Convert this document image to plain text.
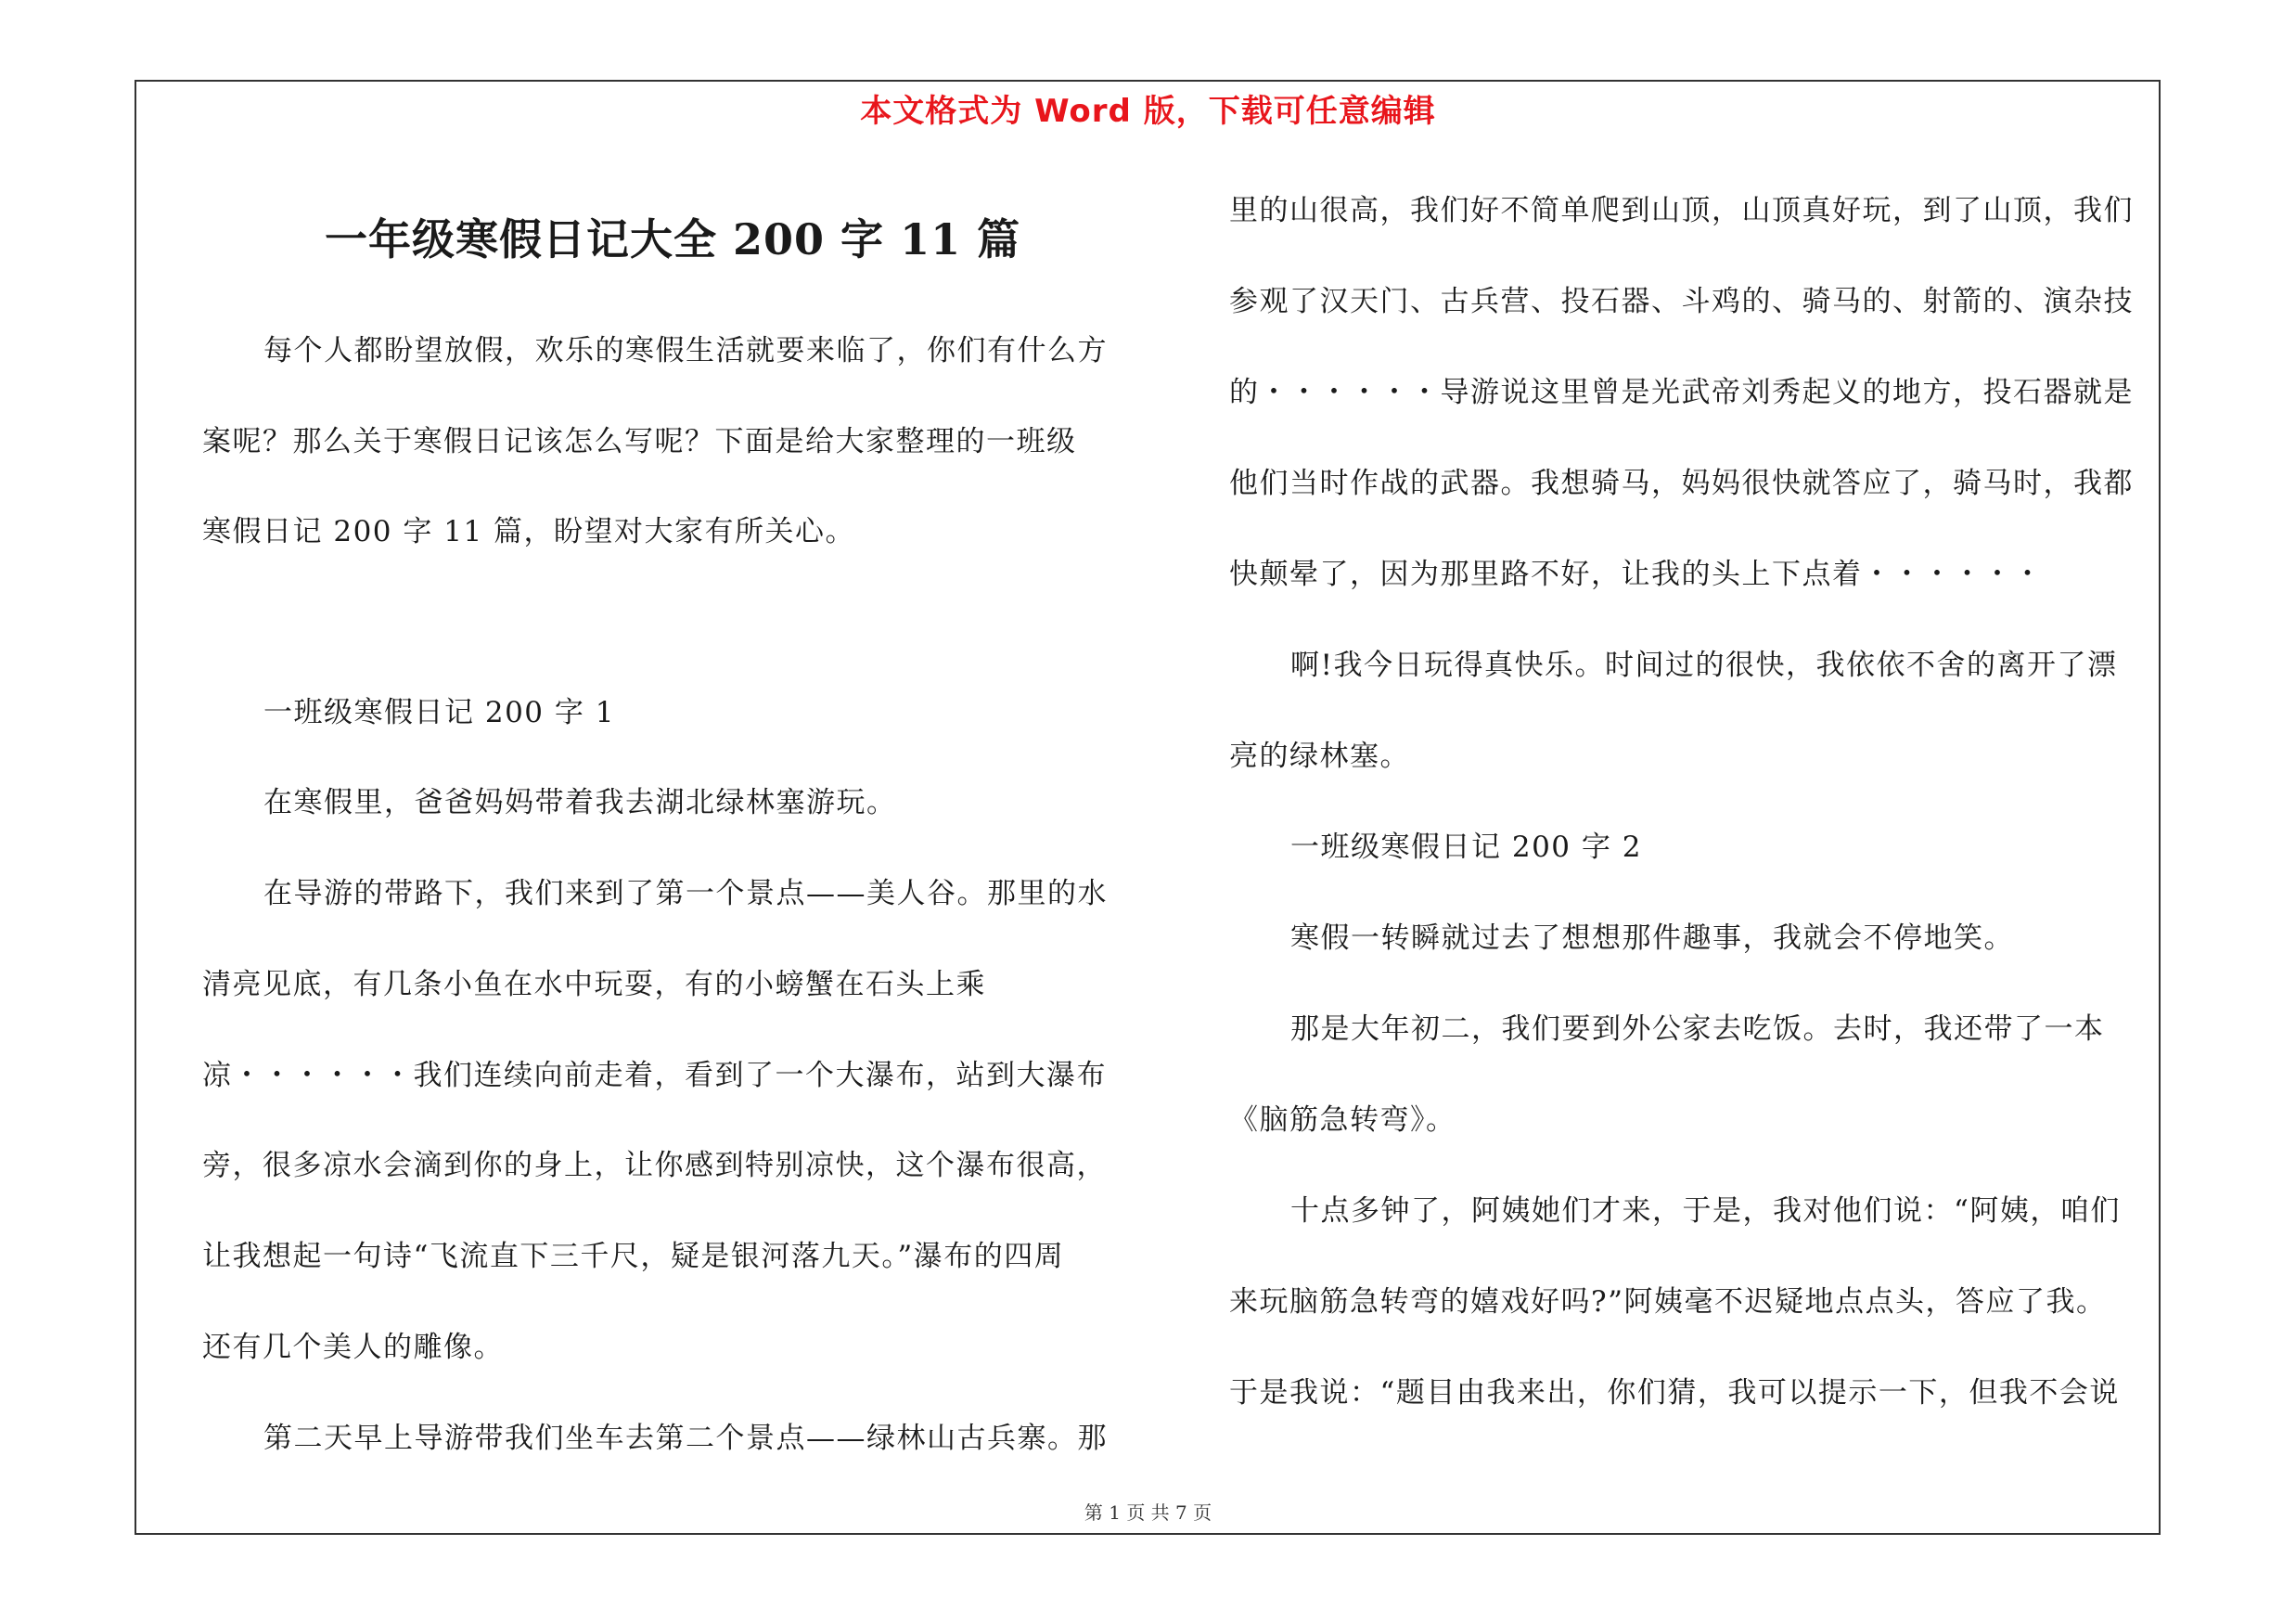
本文格式为 Word 版，下载可任意编辑
一年级寒假日记大全 200 字 11 篇
每个人都盼望放假，欢乐的寒假生活就要来临了，你们有什么方
案呢？那么关于寒假日记该怎么写呢？下面是给大家整理的一班级
寒假日记 200 字 11 篇，盼望对大家有所关心。
一班级寒假日记 200 字 1
在寒假里，爸爸妈妈带着我去湖北绿林塞游玩。
在导游的带路下，我们来到了第一个景点——美人谷。那里的水
清亮见底，有几条小鱼在水中玩耍，有的小螃蟹在石头上乘
凉・・・・・・我们连续向前走着，看到了一个大瀑布，站到大瀑布
旁，很多凉水会滴到你的身上，让你感到特别凉快，这个瀑布很高，
让我想起一句诗“飞流直下三千尺，疑是银河落九天。”瀑布的四周
还有几个美人的雕像。
第二天早上导游带我们坐车去第二个景点——绿林山古兵寨。那
里的山很高，我们好不简单爬到山顶，山顶真好玩，到了山顶，我们
参观了汉天门、古兵营、投石器、斗鸡的、骑马的、射箭的、演杂技
的・・・・・・导游说这里曾是光武帝刘秀起义的地方，投石器就是
他们当时作战的武器。我想骑马，妈妈很快就答应了，骑马时，我都
快颠晕了，因为那里路不好，让我的头上下点着・・・・・・
啊!我今日玩得真快乐。时间过的很快，我依依不舍的离开了漂
亮的绿林塞。
一班级寒假日记 200 字 2
寒假一转瞬就过去了想想那件趣事，我就会不停地笑。
那是大年初二，我们要到外公家去吃饭。去时，我还带了一本
《脑筋急转弯》。
十点多钟了，阿姨她们才来，于是，我对他们说：“阿姨，咱们
来玩脑筋急转弯的嬉戏好吗?”阿姨毫不迟疑地点点头，答应了我。
于是我说：“题目由我来出，你们猜，我可以提示一下，但我不会说
第 1 页 共 7 页
